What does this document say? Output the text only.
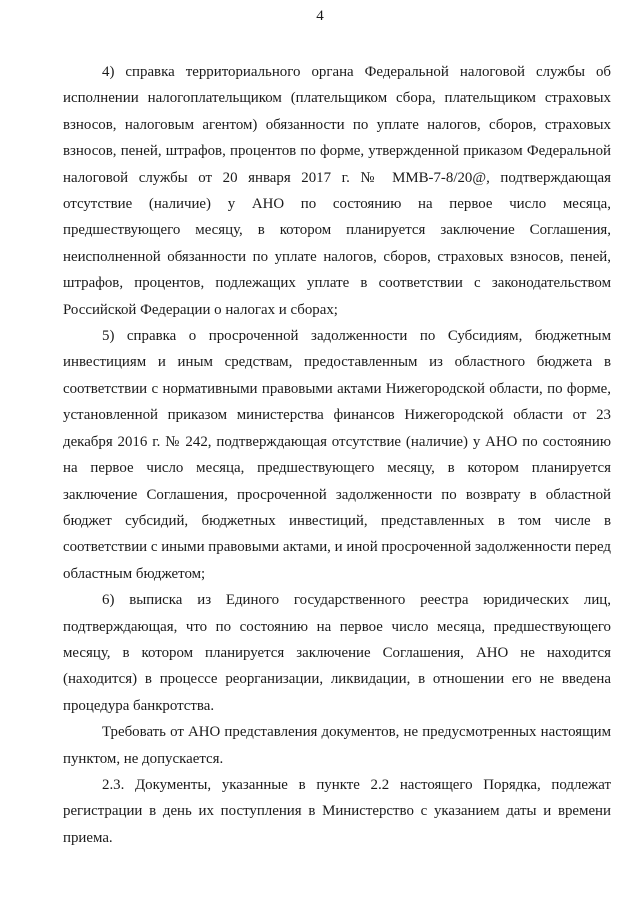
4

4) справка территориального органа Федеральной налоговой службы об исполнении налогоплательщиком (плательщиком сбора, плательщиком страховых взносов, налоговым агентом) обязанности по уплате налогов, сборов, страховых взносов, пеней, штрафов, процентов по форме, утвержденной приказом Федеральной налоговой службы от 20 января 2017 г. № ММВ-7-8/20@, подтверждающая отсутствие (наличие) у АНО по состоянию на первое число месяца, предшествующего месяцу, в котором планируется заключение Соглашения, неисполненной обязанности по уплате налогов, сборов, страховых взносов, пеней, штрафов, процентов, подлежащих уплате в соответствии с законодательством Российской Федерации о налогах и сборах;

5) справка о просроченной задолженности по Субсидиям, бюджетным инвестициям и иным средствам, предоставленным из областного бюджета в соответствии с нормативными правовыми актами Нижегородской области, по форме, установленной приказом министерства финансов Нижегородской области от 23 декабря 2016 г. № 242, подтверждающая отсутствие (наличие) у АНО по состоянию на первое число месяца, предшествующего месяцу, в котором планируется заключение Соглашения, просроченной задолженности по возврату в областной бюджет субсидий, бюджетных инвестиций, представленных в том числе в соответствии с иными правовыми актами, и иной просроченной задолженности перед областным бюджетом;

6) выписка из Единого государственного реестра юридических лиц, подтверждающая, что по состоянию на первое число месяца, предшествующего месяцу, в котором планируется заключение Соглашения, АНО не находится (находится) в процессе реорганизации, ликвидации, в отношении его не введена процедура банкротства.

Требовать от АНО представления документов, не предусмотренных настоящим пунктом, не допускается.

2.3. Документы, указанные в пункте 2.2 настоящего Порядка, подлежат регистрации в день их поступления в Министерство с указанием даты и времени приема.
